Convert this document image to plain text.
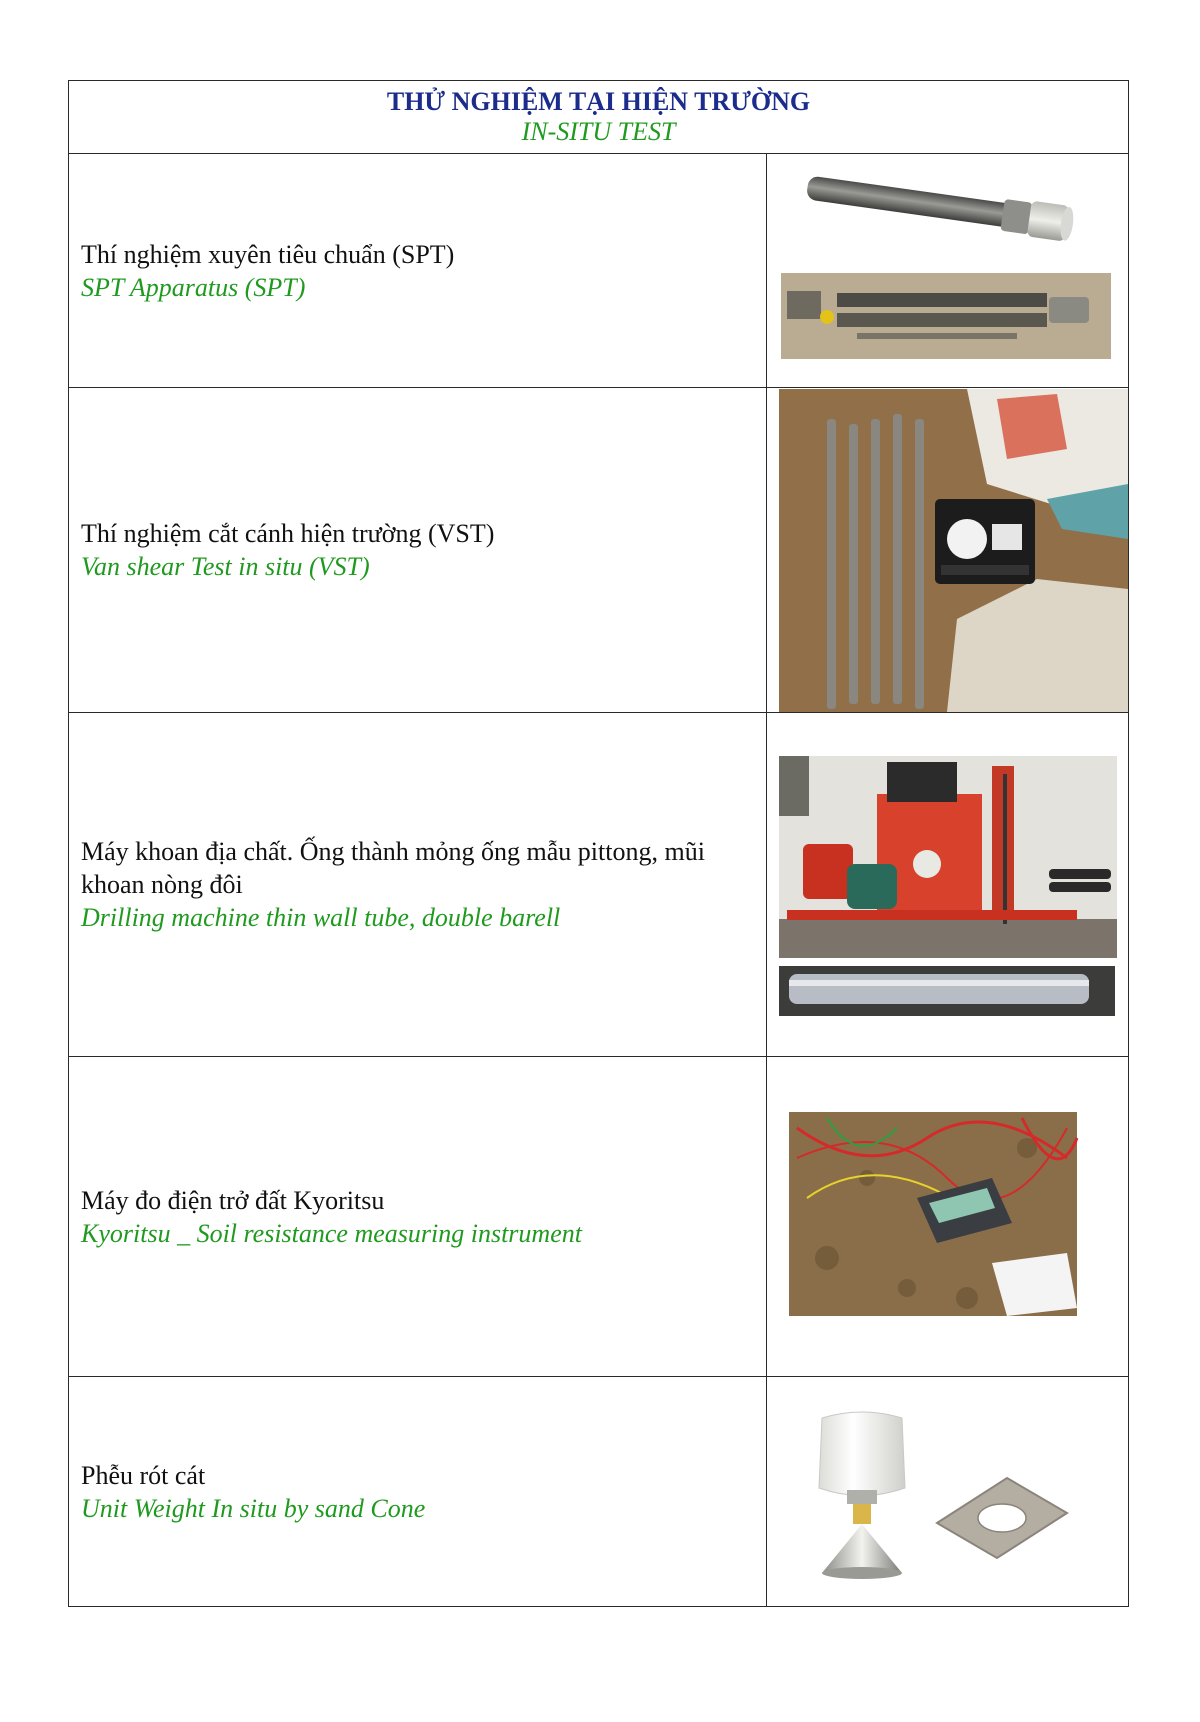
THỬ NGHIỆM TẠI HIỆN TRƯỜNG
IN-SITU TEST	

Thí nghiệm xuyên tiêu chuẩn (SPT)
SPT Apparatus (SPT)

Thí nghiệm cắt cánh hiện trường (VST)
Van shear Test in situ (VST)

Máy khoan địa chất. Ống thành mỏng ống mẫu pittong, mũi khoan nòng đôi
Drilling machine thin wall tube, double barell

Máy đo điện trở đất Kyoritsu
Kyoritsu _ Soil resistance measuring instrument

Phễu rót cát
Unit Weight In situ by sand Cone
